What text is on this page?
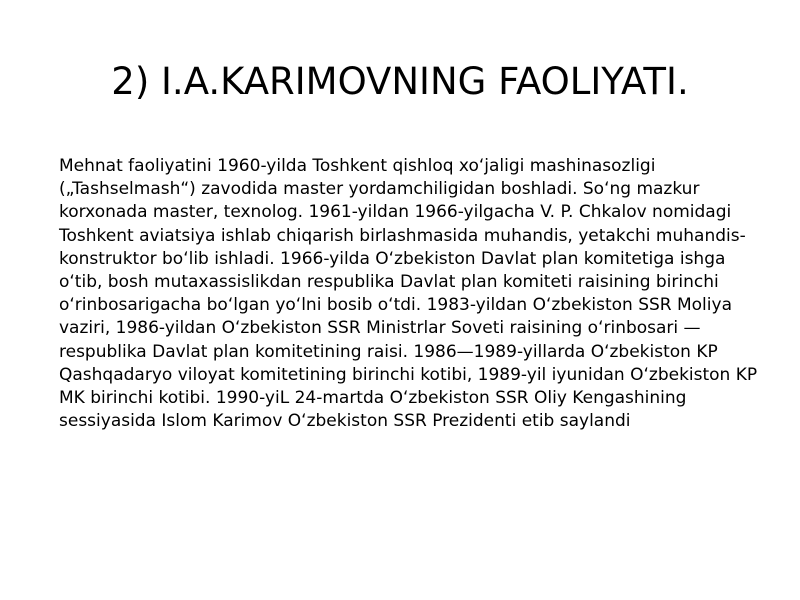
2) I.A.KARIMOVNING FAOLIYATI.

Mehnat faoliyatini 1960-yilda Toshkent qishloq xoʻjaligi mashinasozligi („Tashselmash“) zavodida master yordamchiligidan boshladi. Soʻng mazkur korxonada master, texnolog. 1961-yildan 1966-yilgacha V. P. Chkalov nomidagi Toshkent aviatsiya ishlab chiqarish birlashmasida muhandis, yetakchi muhandis-konstruktor boʻlib ishladi. 1966-yilda Oʻzbekiston Davlat plan komitetiga ishga oʻtib, bosh mutaxassislikdan respublika Davlat plan komiteti raisining birinchi oʻrinbosarigacha boʻlgan yoʻlni bosib oʻtdi. 1983-yildan Oʻzbekiston SSR Moliya vaziri, 1986-yildan Oʻzbekiston SSR Ministrlar Soveti raisining oʻrinbosari — respublika Davlat plan komitetining raisi. 1986—1989-yillarda Oʻzbekiston KP Qashqadaryo viloyat komitetining birinchi kotibi, 1989-yil iyunidan Oʻzbekiston KP MK birinchi kotibi. 1990-yiL 24-martda Oʻzbekiston SSR Oliy Kengashining sessiyasida Islom Karimov Oʻzbekiston SSR Prezidenti etib saylandi
